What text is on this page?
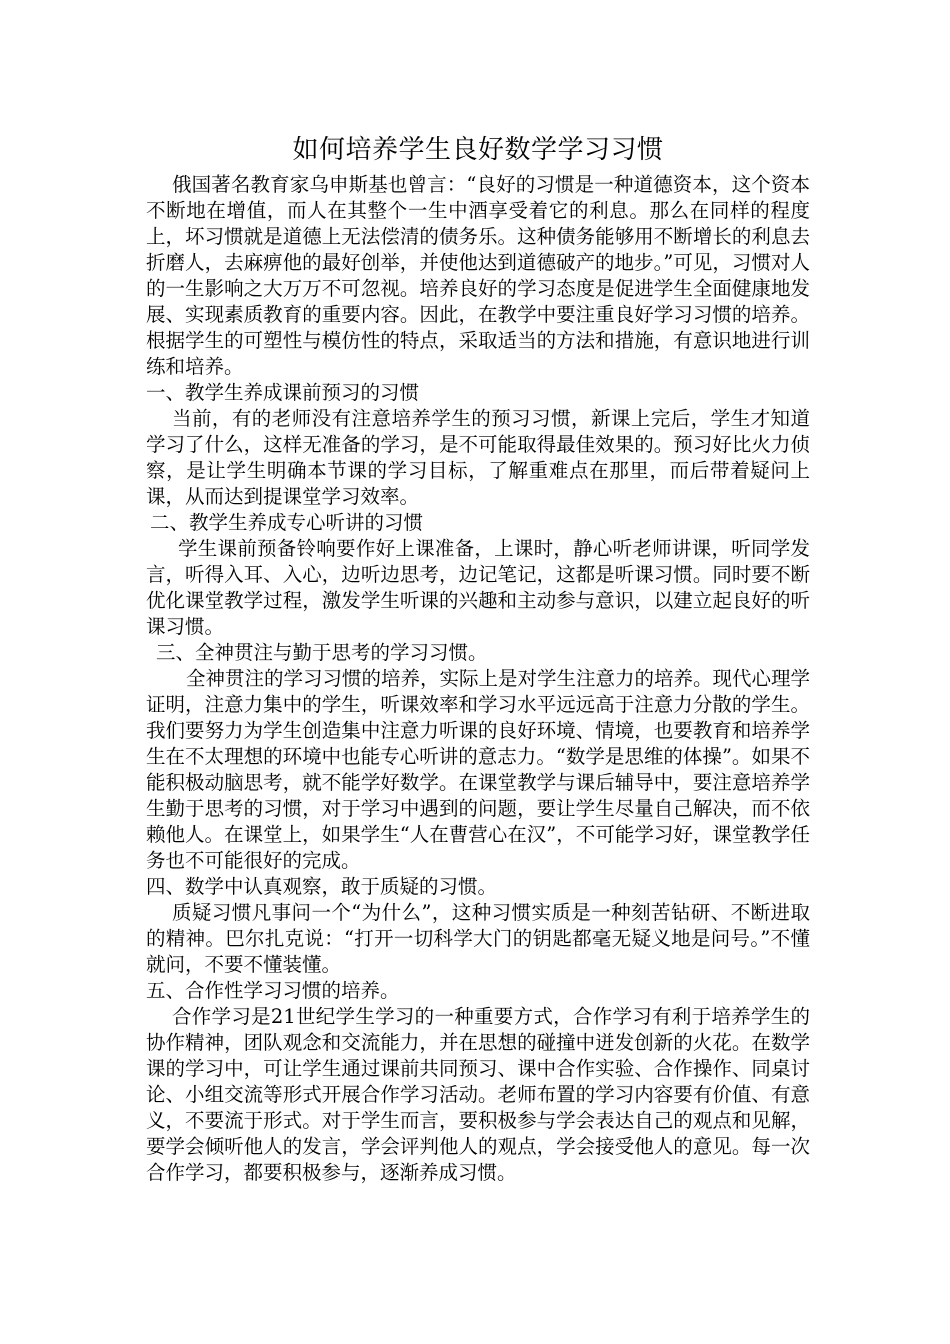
如何培养学生良好数学学习习惯

俄国著名教育家乌申斯基也曾言：“良好的习惯是一种道德资本，这个资本不断地在增值，而人在其整个一生中酒享受着它的利息。那么在同样的程度上，坏习惯就是道德上无法偿清的债务乐。这种债务能够用不断增长的利息去折磨人，去麻痹他的最好创举，并使他达到道德破产的地步。”可见，习惯对人的一生影响之大万万不可忽视。培养良好的学习态度是促进学生全面健康地发展、实现素质教育的重要内容。因此，在教学中要注重良好学习习惯的培养。根据学生的可塑性与模仿性的特点，采取适当的方法和措施，有意识地进行训练和培养。

一、教学生养成课前预习的习惯

当前，有的老师没有注意培养学生的预习习惯，新课上完后，学生才知道学习了什么，这样无准备的学习，是不可能取得最佳效果的。预习好比火力侦察，是让学生明确本节课的学习目标，了解重难点在那里，而后带着疑问上课，从而达到提课堂学习效率。

二、教学生养成专心听讲的习惯

学生课前预备铃响要作好上课准备，上课时，静心听老师讲课，听同学发言，听得入耳、入心，边听边思考，边记笔记，这都是听课习惯。同时要不断优化课堂教学过程，激发学生听课的兴趣和主动参与意识，以建立起良好的听课习惯。

三、全神贯注与勤于思考的学习习惯。

全神贯注的学习习惯的培养，实际上是对学生注意力的培养。现代心理学证明，注意力集中的学生，听课效率和学习水平远远高于注意力分散的学生。我们要努力为学生创造集中注意力听课的良好环境、情境，也要教育和培养学生在不太理想的环境中也能专心听讲的意志力。“数学是思维的体操”。如果不能积极动脑思考，就不能学好数学。在课堂教学与课后辅导中，要注意培养学生勤于思考的习惯，对于学习中遇到的问题，要让学生尽量自己解决，而不依赖他人。在课堂上，如果学生“人在曹营心在汉”，不可能学习好，课堂教学任务也不可能很好的完成。

四、数学中认真观察，敢于质疑的习惯。

质疑习惯凡事问一个“为什么”，这种习惯实质是一种刻苦钻研、不断进取的精神。巴尔扎克说：“打开一切科学大门的钥匙都毫无疑义地是问号。”不懂就问，不要不懂装懂。

五、合作性学习习惯的培养。

合作学习是21世纪学生学习的一种重要方式，合作学习有利于培养学生的协作精神，团队观念和交流能力，并在思想的碰撞中迸发创新的火花。在数学课的学习中，可让学生通过课前共同预习、课中合作实验、合作操作、同桌讨论、小组交流等形式开展合作学习活动。老师布置的学习内容要有价值、有意义，不要流于形式。对于学生而言，要积极参与学会表达自己的观点和见解，要学会倾听他人的发言，学会评判他人的观点，学会接受他人的意见。每一次合作学习，都要积极参与，逐渐养成习惯。
